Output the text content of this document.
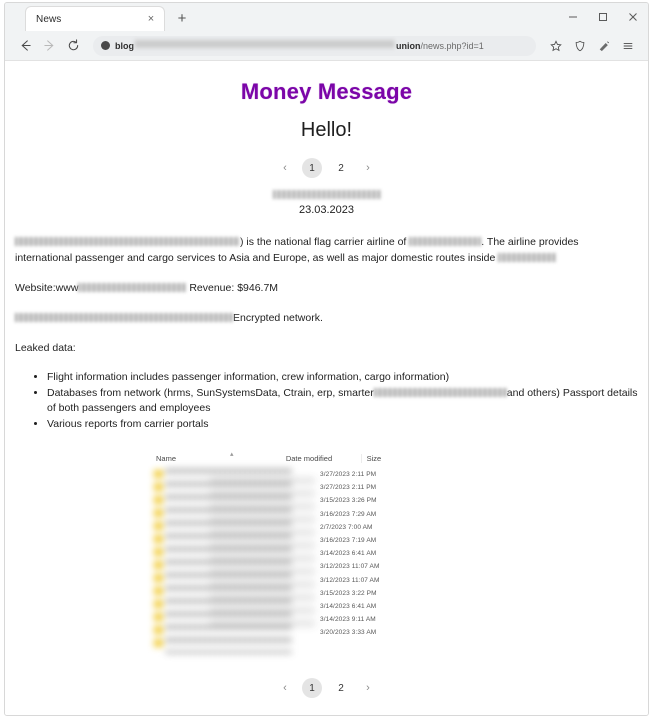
News	×	+
blog	union /news.php?id=1
Money Message
Hello!
‹	1	2	›
23.03.2023

) is the national flag carrier airline of	. The airline provides international passenger and cargo services to Asia and Europe, as well as major domestic routes inside

Website:www	Revenue: $946.7M

Encrypted network.

Leaked data:

• Flight information includes passenger information, crew information, cargo information)
• Databases from network (hrms, SunSystemsData, Ctrain, erp, smarter	and others) Passport details of both passengers and employees
• Various reports from carrier portals
Name	▴	Date modified	Size
3/27/2023 2:11 PM
3/27/2023 2:11 PM
3/15/2023 3:26 PM
3/16/2023 7:29 AM
2/7/2023 7:00 AM
3/16/2023 7:19 AM
3/14/2023 6:41 AM
3/12/2023 11:07 AM
3/12/2023 11:07 AM
3/15/2023 3:22 PM
3/14/2023 6:41 AM
3/14/2023 9:11 AM
3/20/2023 3:33 AM
‹	1	2	›
